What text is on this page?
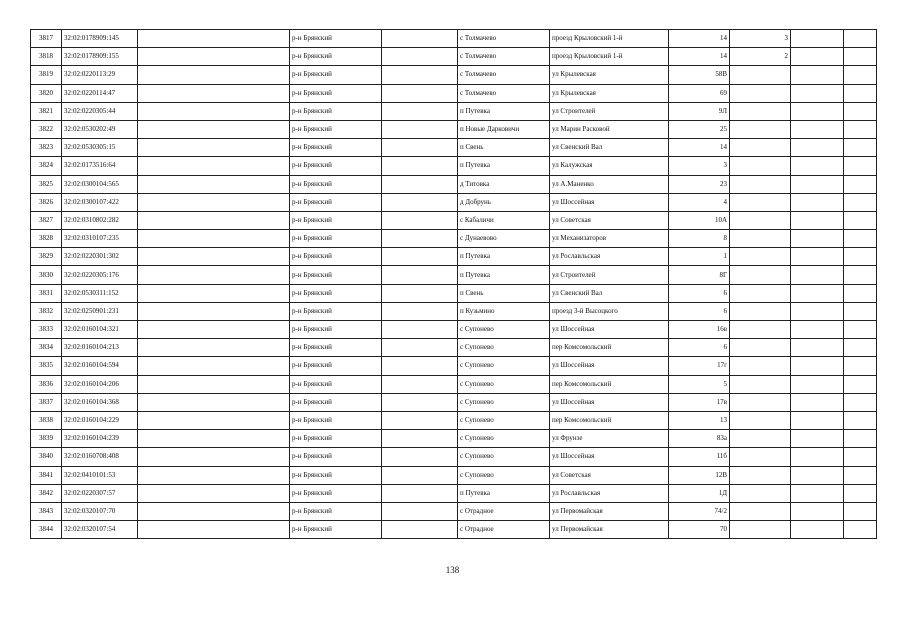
3817	32:02:0178909:145		р-н Брянский		с Толмачево	проезд Крыловский 1-й	14	3		
3818	32:02:0178909:155		р-н Брянский		с Толмачево	проезд Крыловский 1-й	14	2		
3819	32:02:0220113:29		р-н Брянский		с Толмачево	ул Крылевская	58В			
3820	32:02:0220114:47		р-н Брянский		с Толмачево	ул Крылевская	69			
3821	32:02:0220305:44		р-н Брянский		п Путевка	ул Строителей	9Л			
3822	32:02:0530202:49		р-н Брянский		п Новые Дарковичи	ул Марии Расковой	25			
3823	32:02:0530305:15		р-н Брянский		п Свень	ул Свенский Вал	14			
3824	32:02:0173516:64		р-н Брянский		п Путевка	ул Калужская	3			
3825	32:02:0300104:565		р-н Брянский		д Титовка	ул А.Маненко	23			
3826	32:02:0300107:422		р-н Брянский		д Добрунь	ул Шоссейная	4			
3827	32:02:0310802:282		р-н Брянский		с Кабаличи	ул Советская	10А			
3828	32:02:0310107:235		р-н Брянский		с Дунаевово	ул Механизаторов	8			
3829	32:02:0220301:302		р-н Брянский		п Путевка	ул Рославльская	1			
3830	32:02:0220305:176		р-н Брянский		п Путевка	ул Строителей	8Г			
3831	32:02:0530311:152		р-н Брянский		п Свень	ул Свенский Вал	6			
3832	32:02:0250901:231		р-н Брянский		п Кузьмино	проезд 3-й Высоцкого	6			
3833	32:02:0160104:321		р-н Брянский		с Супонево	ул Шоссейная	16в			
3834	32:02:0160104:213		р-н Брянский		с Супонево	пер Комсомольский	6			
3835	32:02:0160104:594		р-н Брянский		с Супонево	ул Шоссейная	17г			
3836	32:02:0160104:206		р-н Брянский		с Супонево	пер Комсомольский	5			
3837	32:02:0160104:368		р-н Брянский		с Супонево	ул Шоссейная	17в			
3838	32:02:0160104:229		р-н Брянский		с Супонево	пер Комсомольский	13			
3839	32:02:0160104:239		р-н Брянский		с Супонево	ул Фрунзе	83а			
3840	32:02:0160708:408		р-н Брянский		с Супонево	ул Шоссейная	11б			
3841	32:02:0410101:53		р-н Брянский		с Супонево	ул Советская	12В			
3842	32:02:0220307:57		р-н Брянский		п Путевка	ул Рославльская	1Д			
3843	32:02:0320107:70		р-н Брянский		с Отрадное	ул Первомайская	74/2			
3844	32:02:0320107:54		р-н Брянский		с Отрадное	ул Первомайская	70			
138
